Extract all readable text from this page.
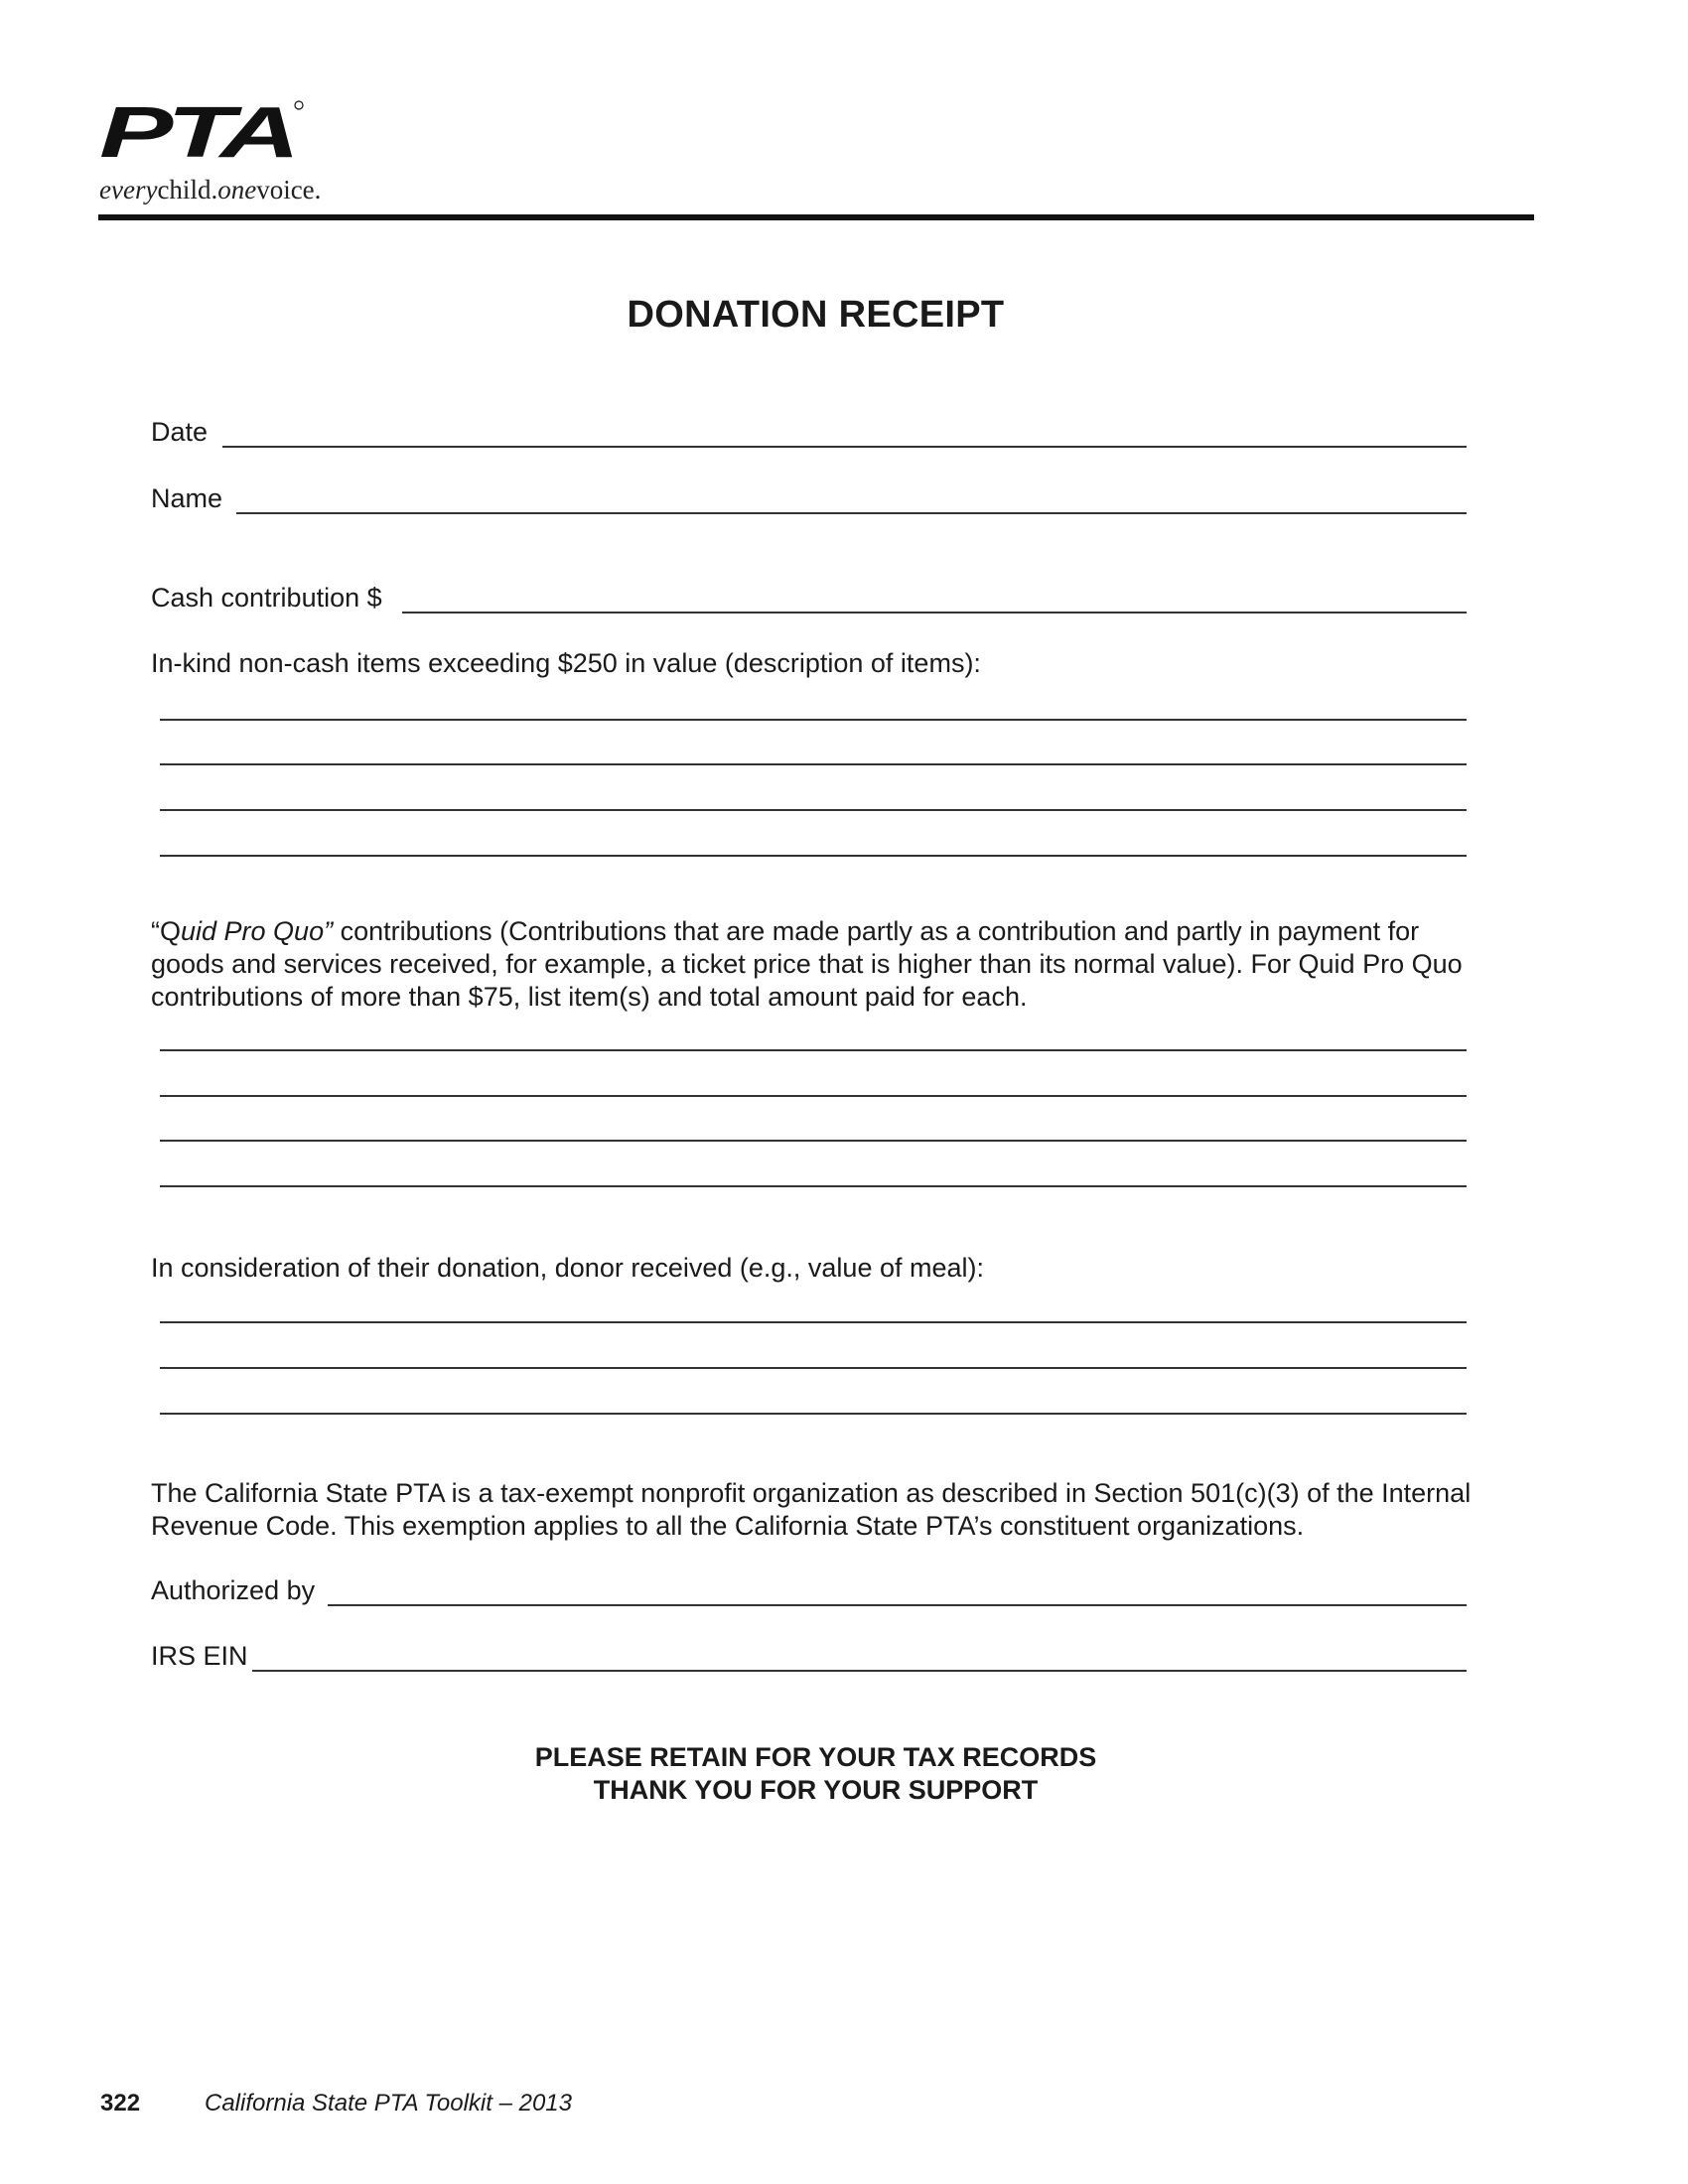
PTA
everychild.onevoice.
DONATION RECEIPT
Date
Name
Cash contribution $
In-kind non-cash items exceeding $250 in value (description of items):
“Quid Pro Quo” contributions (Contributions that are made partly as a contribution and partly in payment for goods and services received, for example, a ticket price that is higher than its normal value). For Quid Pro Quo contributions of more than $75, list item(s) and total amount paid for each.
In consideration of their donation, donor received (e.g., value of meal):
The California State PTA is a tax-exempt nonprofit organization as described in Section 501(c)(3) of the Internal Revenue Code. This exemption applies to all the California State PTA’s constituent organizations.
Authorized by
IRS EIN
PLEASE RETAIN FOR YOUR TAX RECORDS
THANK YOU FOR YOUR SUPPORT
322	California State PTA Toolkit – 2013
